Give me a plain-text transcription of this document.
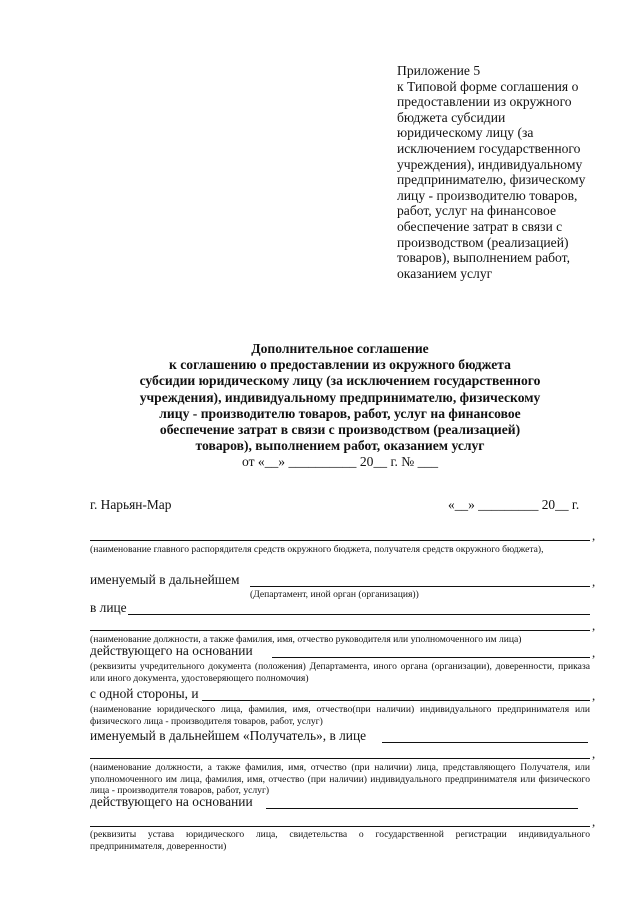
Приложение 5
к Типовой форме соглашения о
предоставлении из окружного
бюджета субсидии
юридическому лицу (за
исключением государственного
учреждения), индивидуальному
предпринимателю, физическому
лицу - производителю товаров,
работ, услуг на финансовое
обеспечение затрат в связи с
производством (реализацией)
товаров), выполнением работ,
оказанием услуг
Дополнительное соглашение
к соглашению о предоставлении из окружного бюджета
субсидии юридическому лицу (за исключением государственного
учреждения), индивидуальному предпринимателю, физическому
лицу - производителю товаров, работ, услуг на финансовое
обеспечение затрат в связи с производством (реализацией)
товаров), выполнением работ, оказанием услуг
от «__» __________ 20__ г. № ___
г. Нарьян-Мар	«__» _________ 20__ г.
,
(наименование главного распорядителя средств окружного бюджета, получателя средств окружного бюджета),
именуемый в дальнейшем	,
(Департамент, иной орган (организация))
в лице
,
(наименование должности, а также фамилия, имя, отчество руководителя или уполномоченного им лица)
действующего на основании	,
(реквизиты учредительного документа (положения) Департамента, иного органа (организации), доверенности, приказа или иного документа, удостоверяющего полномочия)
с одной стороны, и	,
(наименование юридического лица, фамилия, имя, отчество(при наличии) индивидуального предпринимателя или физического лица - производителя товаров, работ, услуг)
именуемый в дальнейшем «Получатель», в лице
,
(наименование должности, а также фамилия, имя, отчество (при наличии) лица, представляющего Получателя, или уполномоченного им лица, фамилия, имя, отчество (при наличии) индивидуального предпринимателя или физического лица - производителя товаров, работ, услуг)
действующего на основании
,
(реквизиты устава юридического лица, свидетельства о государственной регистрации индивидуального предпринимателя, доверенности)
